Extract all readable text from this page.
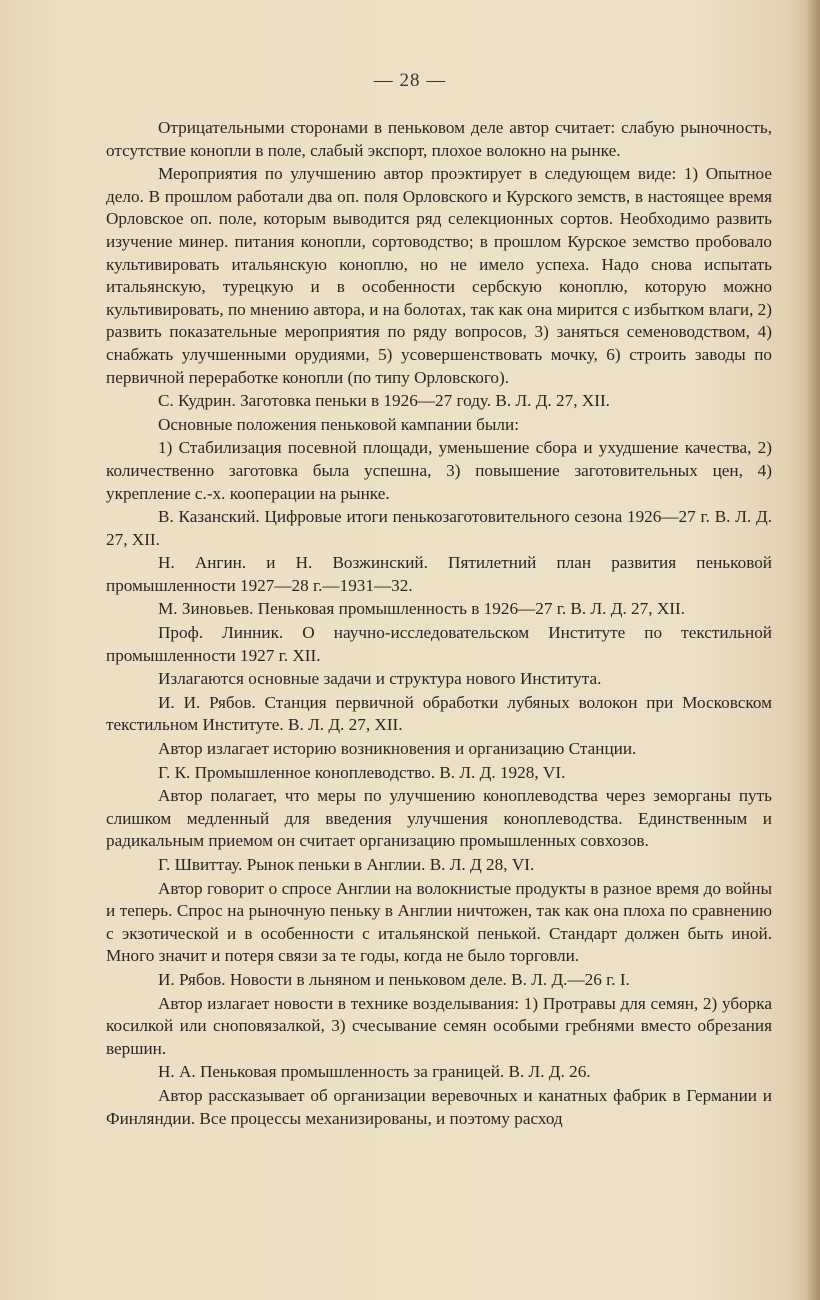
— 28 —

Отрицательными сторонами в пеньковом деле автор считает: слабую рыночность, отсутствие конопли в поле, слабый экспорт, плохое волокно на рынке.

Мероприятия по улучшению автор проэктирует в следующем виде: 1) Опытное дело. В прошлом работали два оп. поля Орловского и Курского земств, в настоящее время Орловское оп. поле, которым выводится ряд селекционных сортов. Необходимо развить изучение минер. питания конопли, сортоводство; в прошлом Курское земство пробовало культивировать итальянскую коноплю, но не имело успеха. Надо снова испытать итальянскую, турецкую и в особенности сербскую коноплю, которую можно культивировать, по мнению автора, и на болотах, так как она мирится с избытком влаги, 2) развить показательные мероприятия по ряду вопросов, 3) заняться семеноводством, 4) снабжать улучшенными орудиями, 5) усовершенствовать мочку, 6) строить заводы по первичной переработке конопли (по типу Орловского).

С. Кудрин. Заготовка пеньки в 1926—27 году. В. Л. Д. 27, XII.

Основные положения пеньковой кампании были:

1) Стабилизация посевной площади, уменьшение сбора и ухудшение качества, 2) количественно заготовка была успешна, 3) повышение заготовительных цен, 4) укрепление с.-х. кооперации на рынке.

В. Казанский. Цифровые итоги пенькозаготовительного сезона 1926—27 г. В. Л. Д. 27, XII.

Н. Ангин. и Н. Возжинский. Пятилетний план развития пеньковой промышленности 1927—28 г.—1931—32.

М. Зиновьев. Пеньковая промышленность в 1926—27 г. В. Л. Д. 27, XII.

Проф. Линник. О научно-исследовательском Институте по текстильной промышленности 1927 г. XII.

Излагаются основные задачи и структура нового Института.

И. И. Рябов. Станция первичной обработки лубяных волокон при Московском текстильном Институте. В. Л. Д. 27, XII.

Автор излагает историю возникновения и организацию Станции.

Г. К. Промышленное коноплеводство. В. Л. Д. 1928, VI.

Автор полагает, что меры по улучшению коноплеводства через земорганы путь слишком медленный для введения улучшения коноплеводства. Единственным и радикальным приемом он считает организацию промышленных совхозов.

Г. Швиттау. Рынок пеньки в Англии. В. Л. Д 28, VI.

Автор говорит о спросе Англии на волокнистые продукты в разное время до войны и теперь. Спрос на рыночную пеньку в Англии ничтожен, так как она плоха по сравнению с экзотической и в особенности с итальянской пенькой. Стандарт должен быть иной. Много значит и потеря связи за те годы, когда не было торговли.

И. Рябов. Новости в льняном и пеньковом деле. В. Л. Д.—26 г. I.

Автор излагает новости в технике возделывания: 1) Протравы для семян, 2) уборка косилкой или сноповязалкой, 3) счесывание семян особыми гребнями вместо обрезания вершин.

Н. А. Пеньковая промышленность за границей. В. Л. Д. 26.

Автор рассказывает об организации веревочных и канатных фабрик в Германии и Финляндии. Все процессы механизированы, и поэтому расход
